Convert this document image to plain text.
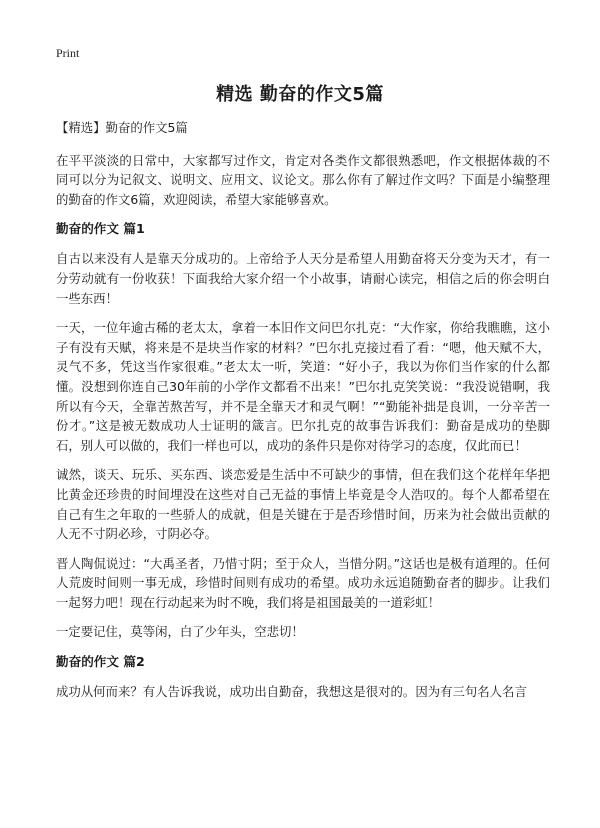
Print
精选 勤奋的作文5篇

【精选】勤奋的作文5篇

在平平淡淡的日常中，大家都写过作文，肯定对各类作文都很熟悉吧，作文根据体裁的不同可以分为记叙文、说明文、应用文、议论文。那么你有了解过作文吗？下面是小编整理的勤奋的作文6篇，欢迎阅读，希望大家能够喜欢。

勤奋的作文 篇1

自古以来没有人是靠天分成功的。上帝给予人天分是希望人用勤奋将天分变为天才，有一分劳动就有一份收获！下面我给大家介绍一个小故事，请耐心读完，相信之后的你会明白一些东西！

一天，一位年逾古稀的老太太，拿着一本旧作文问巴尔扎克：“大作家，你给我瞧瞧，这小子有没有天赋，将来是不是块当作家的材料？”巴尔扎克接过看了看：“嗯，他天赋不大，灵气不多，凭这当作家很难。”老太太一听，笑道：“好小子，我以为你们当作家的什么都懂。没想到你连自己30年前的小学作文都看不出来！”巴尔扎克笑笑说：“我没说错啊，我所以有今天，全靠苦熬苦写，并不是全靠天才和灵气啊！”“勤能补拙是良训，一分辛苦一份才。”这是被无数成功人士证明的箴言。巴尔扎克的故事告诉我们：勤奋是成功的垫脚石，别人可以做的，我们一样也可以，成功的条件只是你对待学习的态度，仅此而已！

诚然，谈天、玩乐、买东西、谈恋爱是生活中不可缺少的事情，但在我们这个花样年华把比黄金还珍贵的时间埋没在这些对自己无益的事情上毕竟是令人浩叹的。每个人都希望在自己有生之年取的一些骄人的成就，但是关键在于是否珍惜时间，历来为社会做出贡献的人无不寸阴必珍，寸阴必夺。

晋人陶侃说过：“大禹圣者，乃惜寸阴；至于众人，当惜分阴。”这话也是极有道理的。任何人荒废时间则一事无成，珍惜时间则有成功的希望。成功永远追随勤奋者的脚步。让我们一起努力吧！现在行动起来为时不晚，我们将是祖国最美的一道彩虹！

一定要记住，莫等闲，白了少年头，空悲切！

勤奋的作文 篇2

成功从何而来？有人告诉我说，成功出自勤奋，我想这是很对的。因为有三句名人名言
